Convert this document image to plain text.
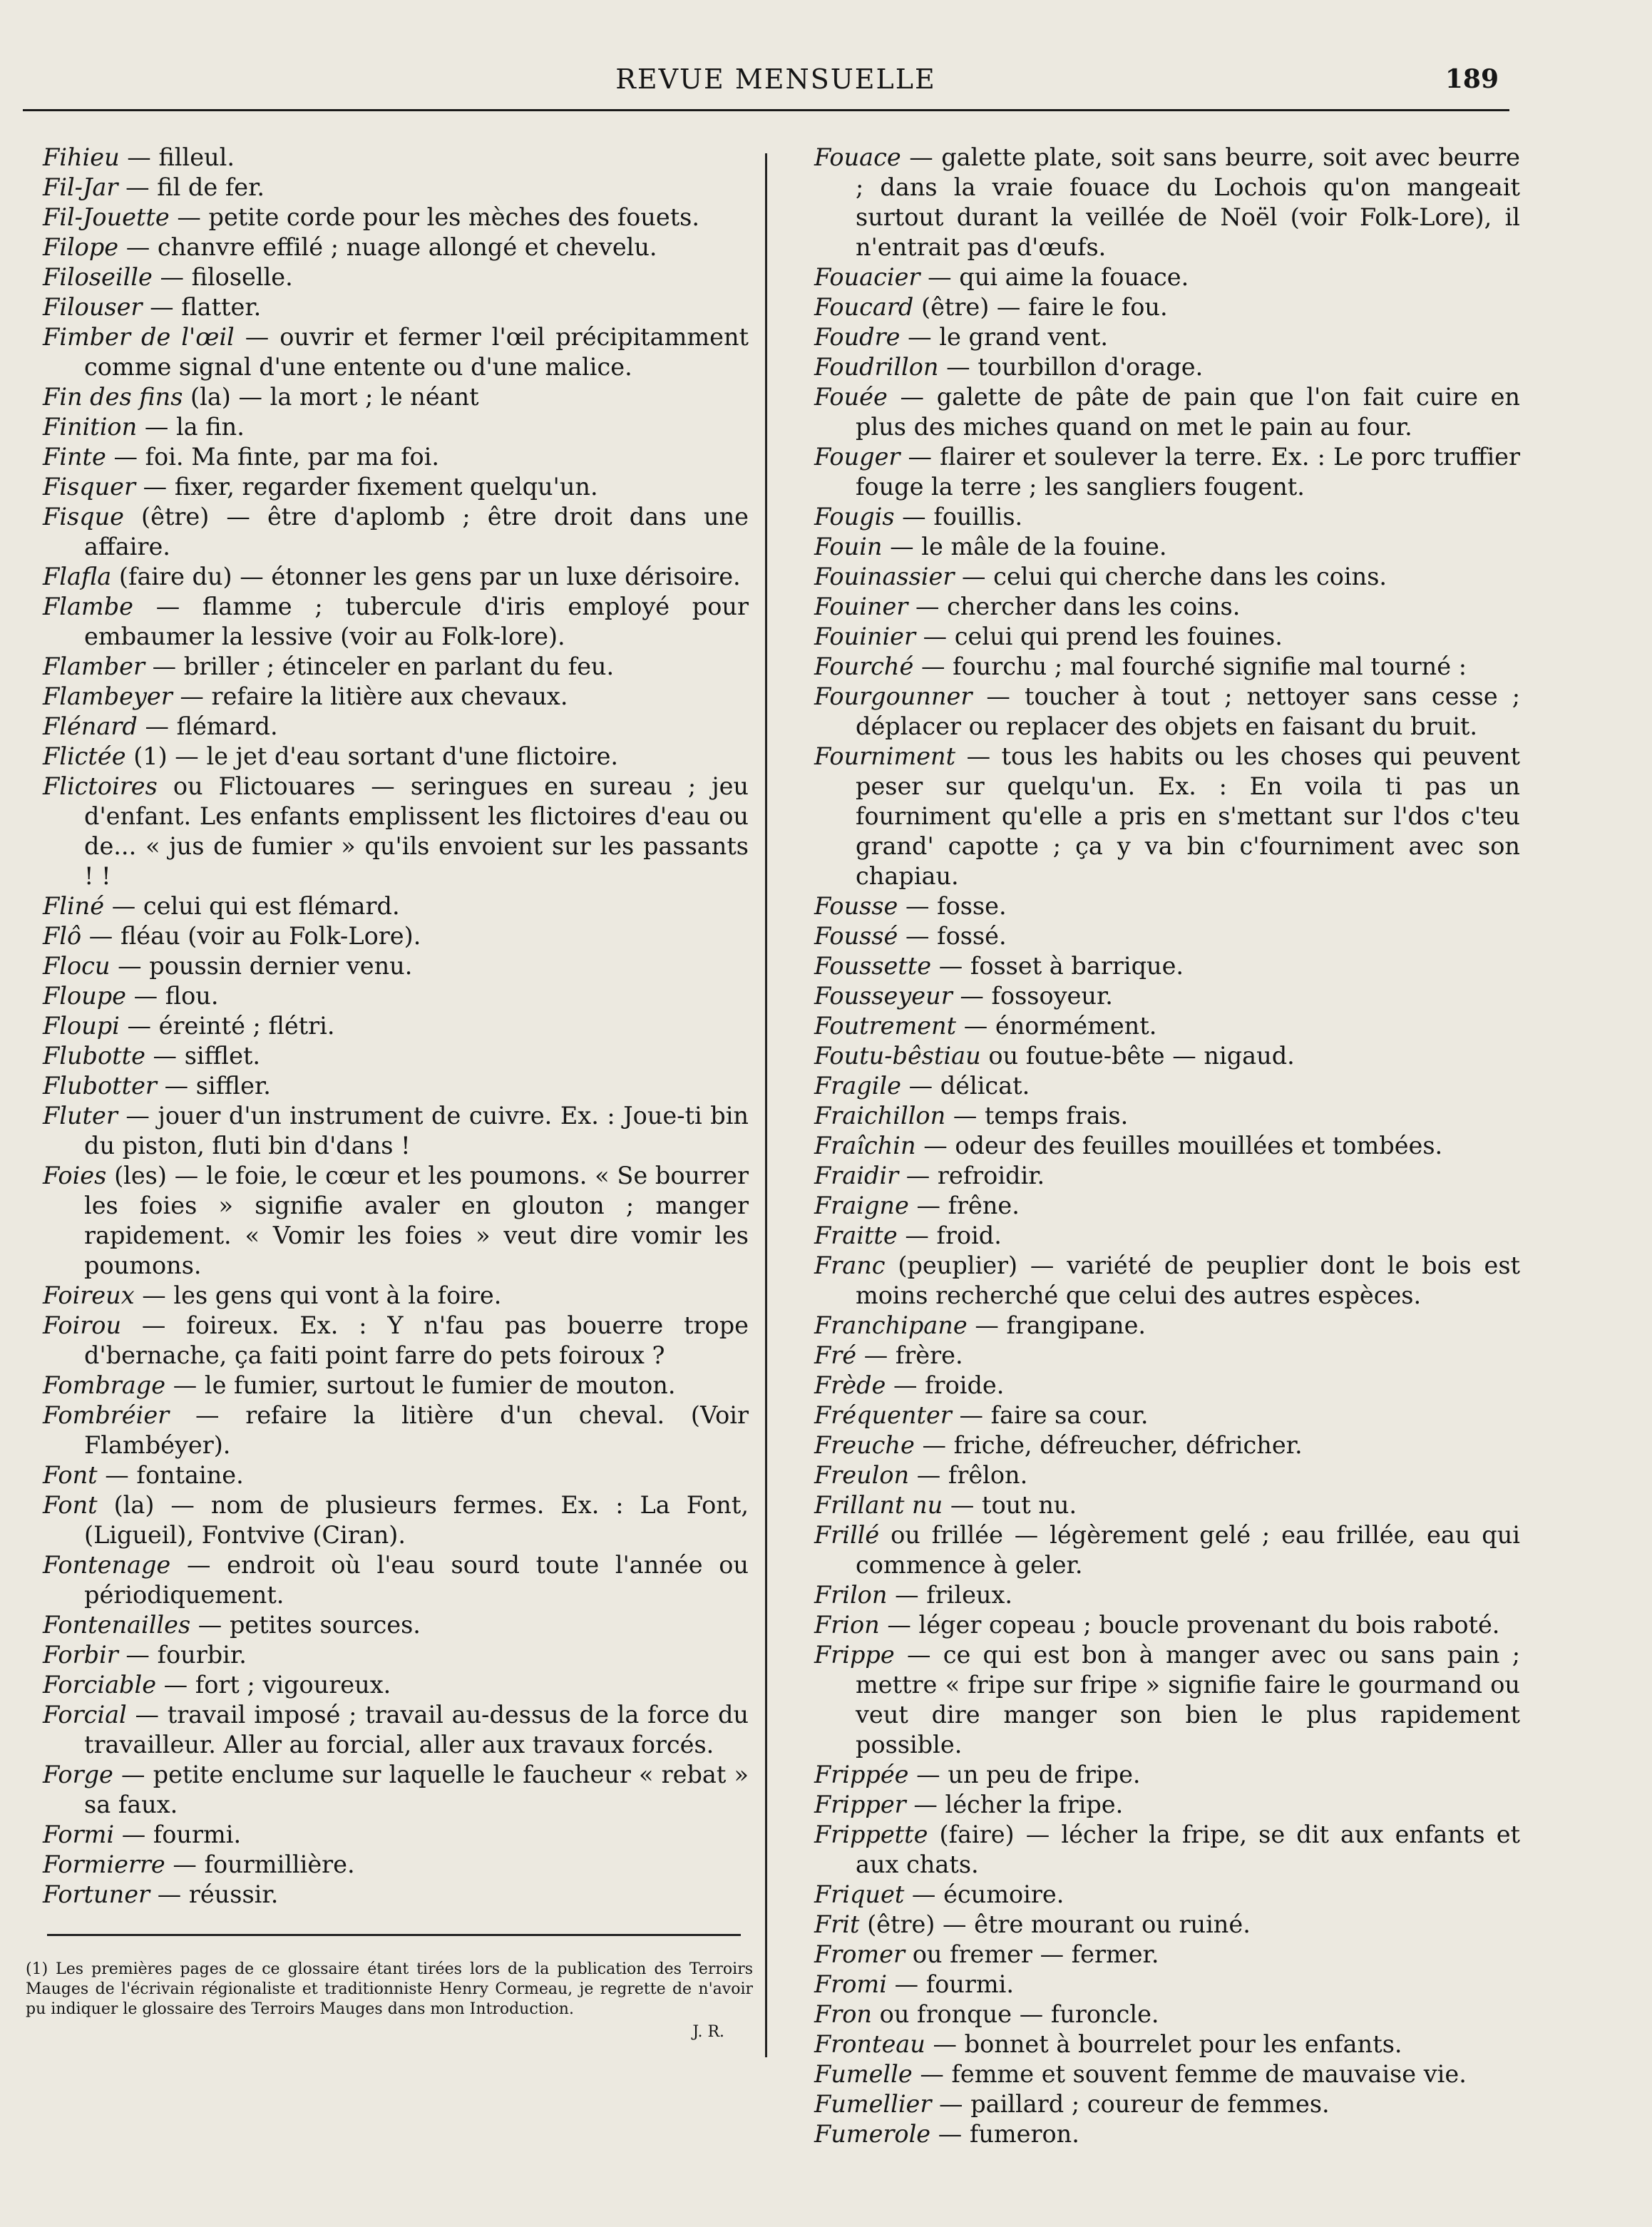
REVUE MENSUELLE	189

Fihieu — filleul.

Fil-Jar — fil de fer.

Fil-Jouette — petite corde pour les mèches des fouets.

Filope — chanvre effilé ; nuage allongé et chevelu.

Filoseille — filoselle.

Filouser — flatter.

Fimber de l'œil — ouvrir et fermer l'œil précipitamment comme signal d'une entente ou d'une malice.

Fin des fins (la) — la mort ; le néant

Finition — la fin.

Finte — foi. Ma finte, par ma foi.

Fisquer — fixer, regarder fixement quelqu'un.

Fisque (être) — être d'aplomb ; être droit dans une affaire.

Flafla (faire du) — étonner les gens par un luxe dérisoire.

Flambe — flamme ; tubercule d'iris employé pour embaumer la lessive (voir au Folk-lore).

Flamber — briller ; étinceler en parlant du feu.

Flambeyer — refaire la litière aux chevaux.

Flénard — flémard.

Flictée (1) — le jet d'eau sortant d'une flictoire.

Flictoires ou Flictouares — seringues en sureau ; jeu d'enfant. Les enfants emplissent les flictoires d'eau ou de... « jus de fumier » qu'ils envoient sur les passants ! !

Fliné — celui qui est flémard.

Flô — fléau (voir au Folk-Lore).

Flocu — poussin dernier venu.

Floupe — flou.

Floupi — éreinté ; flétri.

Flubotte — sifflet.

Flubotter — siffler.

Fluter — jouer d'un instrument de cuivre. Ex. : Joue-ti bin du piston, fluti bin d'dans !

Foies (les) — le foie, le cœur et les poumons. « Se bourrer les foies » signifie avaler en glouton ; manger rapidement. « Vomir les foies » veut dire vomir les poumons.

Foireux — les gens qui vont à la foire.

Foirou — foireux. Ex. : Y n'fau pas bouerre trope d'bernache, ça faiti point farre do pets foiroux ?

Fombrage — le fumier, surtout le fumier de mouton.

Fombréier — refaire la litière d'un cheval. (Voir Flambéyer).

Font — fontaine.

Font (la) — nom de plusieurs fermes. Ex. : La Font, (Ligueil), Fontvive (Ciran).

Fontenage — endroit où l'eau sourd toute l'année ou périodiquement.

Fontenailles — petites sources.

Forbir — fourbir.

Forciable — fort ; vigoureux.

Forcial — travail imposé ; travail au-dessus de la force du travailleur. Aller au forcial, aller aux travaux forcés.

Forge — petite enclume sur laquelle le faucheur « rebat » sa faux.

Formi — fourmi.

Formierre — fourmillière.

Fortuner — réussir.

Fouace — galette plate, soit sans beurre, soit avec beurre ; dans la vraie fouace du Lochois qu'on mangeait surtout durant la veillée de Noël (voir Folk-Lore), il n'entrait pas d'œufs.

Fouacier — qui aime la fouace.

Foucard (être) — faire le fou.

Foudre — le grand vent.

Foudrillon — tourbillon d'orage.

Fouée — galette de pâte de pain que l'on fait cuire en plus des miches quand on met le pain au four.

Fouger — flairer et soulever la terre. Ex. : Le porc truffier fouge la terre ; les sangliers fougent.

Fougis — fouillis.

Fouin — le mâle de la fouine.

Fouinassier — celui qui cherche dans les coins.

Fouiner — chercher dans les coins.

Fouinier — celui qui prend les fouines.

Fourché — fourchu ; mal fourché signifie mal tourné :

Fourgounner — toucher à tout ; nettoyer sans cesse ; déplacer ou replacer des objets en faisant du bruit.

Fourniment — tous les habits ou les choses qui peuvent peser sur quelqu'un. Ex. : En voila ti pas un fourniment qu'elle a pris en s'mettant sur l'dos c'teu grand' capotte ; ça y va bin c'fourniment avec son chapiau.

Fousse — fosse.

Foussé — fossé.

Foussette — fosset à barrique.

Fousseyeur — fossoyeur.

Foutrement — énormément.

Foutu-bêstiau ou foutue-bête — nigaud.

Fragile — délicat.

Fraichillon — temps frais.

Fraîchin — odeur des feuilles mouillées et tombées.

Fraidir — refroidir.

Fraigne — frêne.

Fraitte — froid.

Franc (peuplier) — variété de peuplier dont le bois est moins recherché que celui des autres espèces.

Franchipane — frangipane.

Fré — frère.

Frède — froide.

Fréquenter — faire sa cour.

Freuche — friche, défreucher, défricher.

Freulon — frêlon.

Frillant nu — tout nu.

Frillé ou frillée — légèrement gelé ; eau frillée, eau qui commence à geler.

Frilon — frileux.

Frion — léger copeau ; boucle provenant du bois raboté.

Frippe — ce qui est bon à manger avec ou sans pain ; mettre « fripe sur fripe » signifie faire le gourmand ou veut dire manger son bien le plus rapidement possible.

Frippée — un peu de fripe.

Fripper — lécher la fripe.

Frippette (faire) — lécher la fripe, se dit aux enfants et aux chats.

Friquet — écumoire.

Frit (être) — être mourant ou ruiné.

Fromer ou fremer — fermer.

Fromi — fourmi.

Fron ou fronque — furoncle.

Fronteau — bonnet à bourrelet pour les enfants.

Fumelle — femme et souvent femme de mauvaise vie.

Fumellier — paillard ; coureur de femmes.

Fumerole — fumeron.

(1) Les premières pages de ce glossaire étant tirées lors de la publication des Terroirs Mauges de l'écrivain régionaliste et traditionniste Henry Cormeau, je regrette de n'avoir pu indiquer le glossaire des Terroirs Mauges dans mon Introduction.
J. R.
